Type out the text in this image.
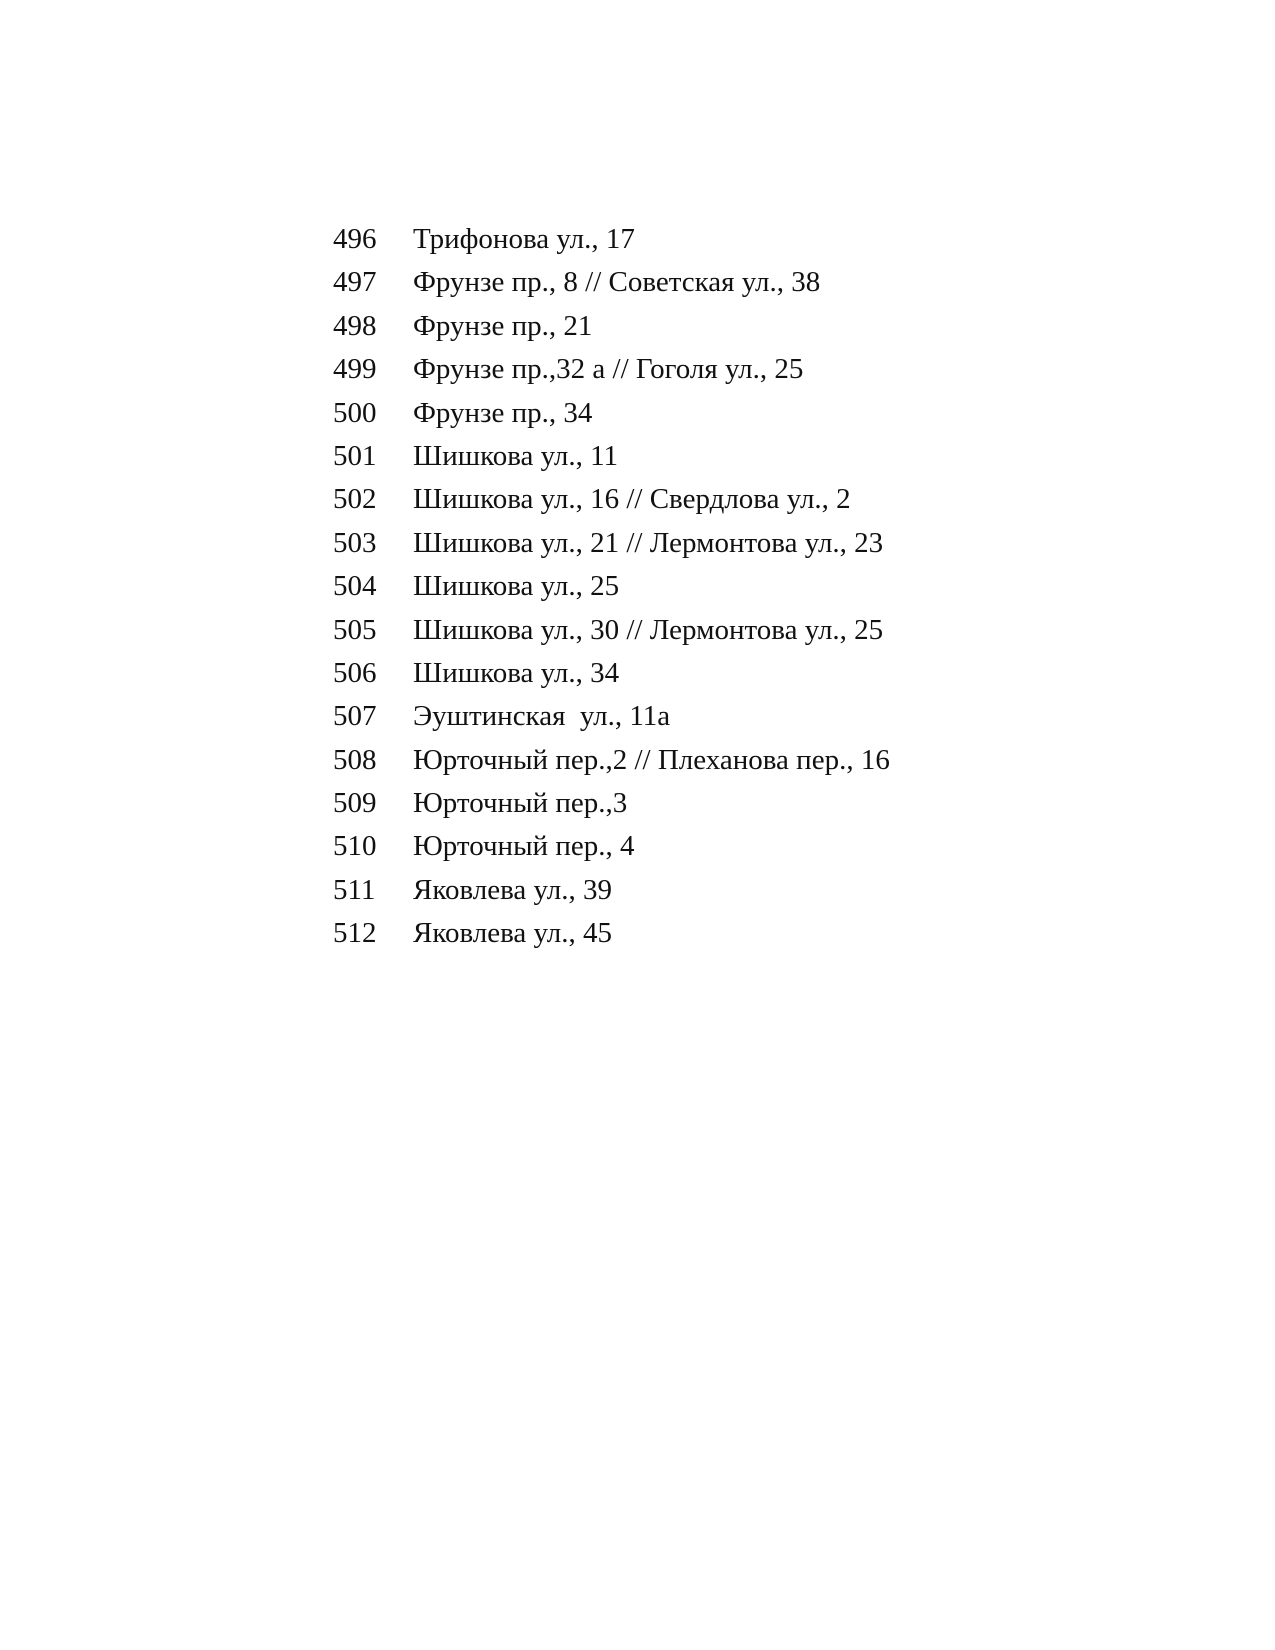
496	Трифонова ул., 17
497	Фрунзе пр., 8 // Советская ул., 38
498	Фрунзе пр., 21
499	Фрунзе пр.,32 а // Гоголя ул., 25
500	Фрунзе пр., 34
501	Шишкова ул., 11
502	Шишкова ул., 16 // Свердлова ул., 2
503	Шишкова ул., 21 // Лермонтова ул., 23
504	Шишкова ул., 25
505	Шишкова ул., 30 // Лермонтова ул., 25
506	Шишкова ул., 34
507	Эуштинская  ул., 11а
508	Юрточный пер.,2 // Плеханова пер., 16
509	Юрточный пер.,3
510	Юрточный пер., 4
511	Яковлева ул., 39
512	Яковлева ул., 45
